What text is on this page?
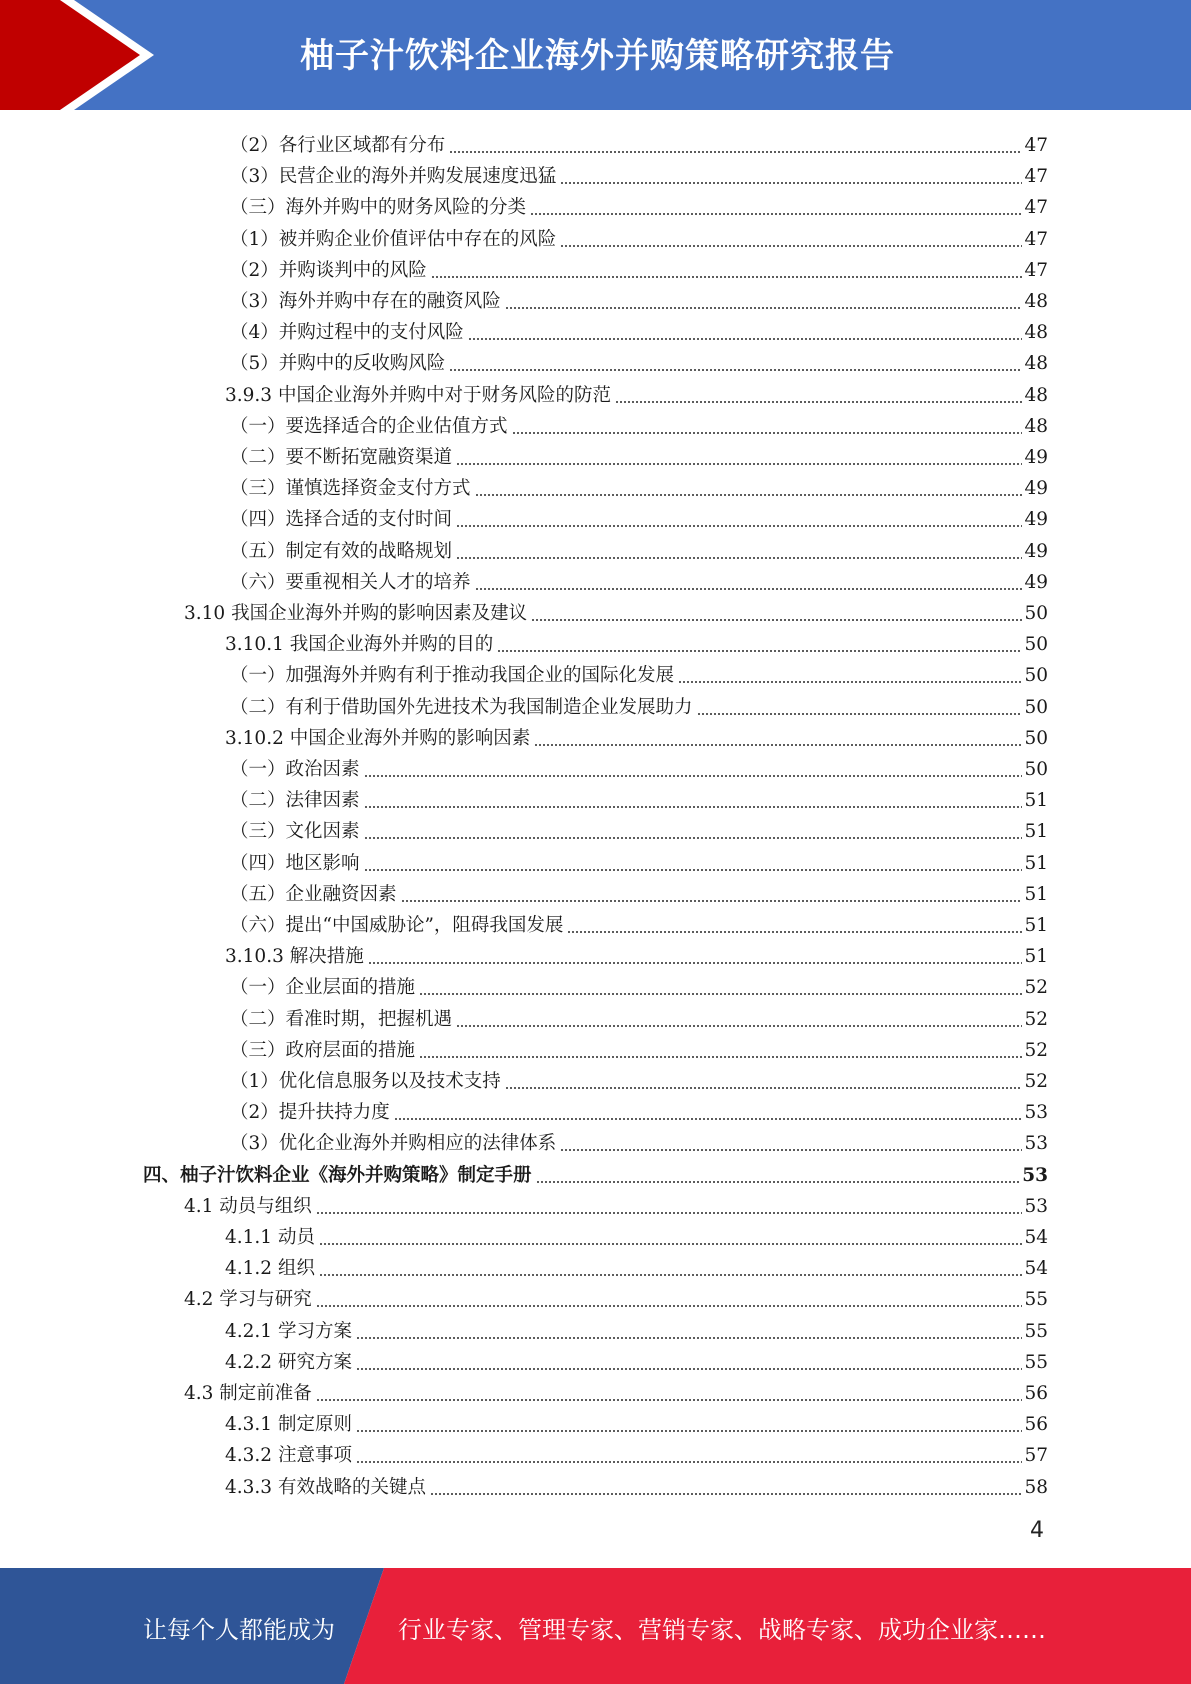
柚子汁饮料企业海外并购策略研究报告
（2）各行业区域都有分布	47
（3）民营企业的海外并购发展速度迅猛	47
（三）海外并购中的财务风险的分类	47
（1）被并购企业价值评估中存在的风险	47
（2）并购谈判中的风险	47
（3）海外并购中存在的融资风险	48
（4）并购过程中的支付风险	48
（5）并购中的反收购风险	48
3.9.3 中国企业海外并购中对于财务风险的防范	48
（一）要选择适合的企业估值方式	48
（二）要不断拓宽融资渠道	49
（三）谨慎选择资金支付方式	49
（四）选择合适的支付时间	49
（五）制定有效的战略规划	49
（六）要重视相关人才的培养	49
3.10 我国企业海外并购的影响因素及建议	50
3.10.1 我国企业海外并购的目的	50
（一）加强海外并购有利于推动我国企业的国际化发展	50
（二）有利于借助国外先进技术为我国制造企业发展助力	50
3.10.2 中国企业海外并购的影响因素	50
（一）政治因素	50
（二）法律因素	51
（三）文化因素	51
（四）地区影响	51
（五）企业融资因素	51
（六）提出“中国威胁论”，阻碍我国发展	51
3.10.3 解决措施	51
（一）企业层面的措施	52
（二）看准时期，把握机遇	52
（三）政府层面的措施	52
（1）优化信息服务以及技术支持	52
（2）提升扶持力度	53
（3）优化企业海外并购相应的法律体系	53
四、柚子汁饮料企业《海外并购策略》制定手册	53
4.1 动员与组织	53
4.1.1 动员	54
4.1.2 组织	54
4.2 学习与研究	55
4.2.1 学习方案	55
4.2.2 研究方案	55
4.3 制定前准备	56
4.3.1 制定原则	56
4.3.2 注意事项	57
4.3.3 有效战略的关键点	58
4
让每个人都能成为	行业专家、管理专家、营销专家、战略专家、成功企业家……
